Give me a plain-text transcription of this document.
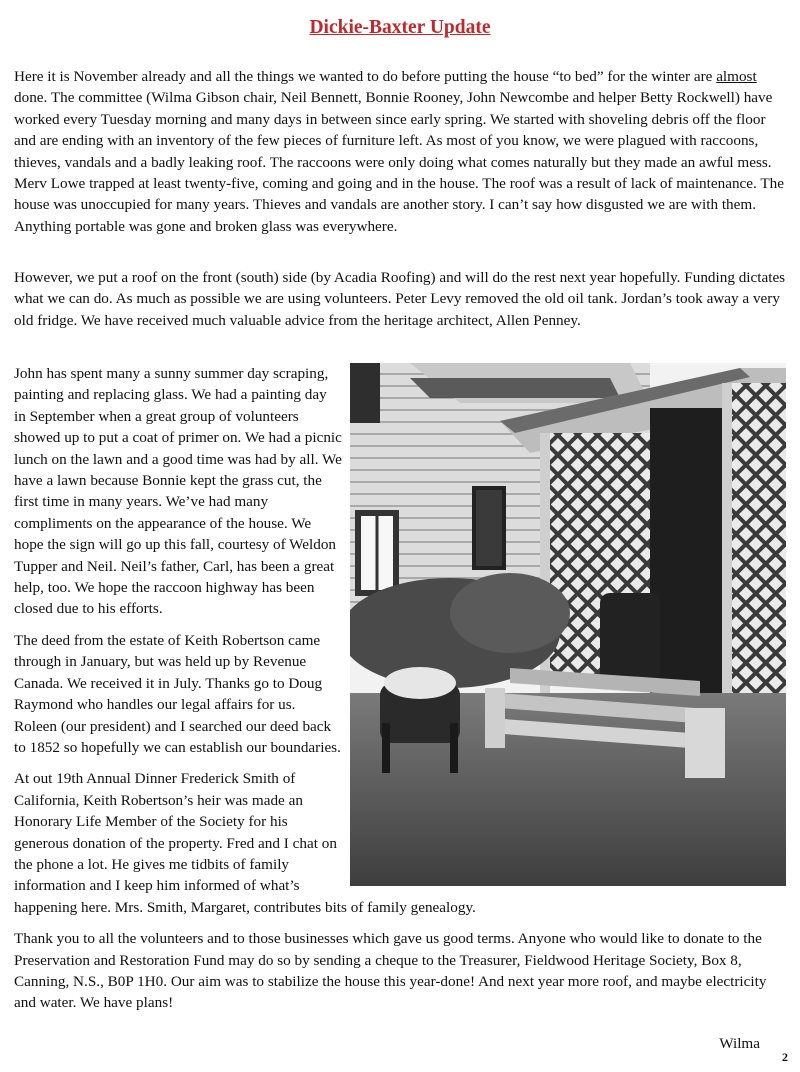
Dickie-Baxter Update

Here it is November already and all the things we wanted to do before putting the house “to bed” for the winter are almost done. The committee (Wilma Gibson chair, Neil Bennett, Bonnie Rooney, John Newcombe and helper Betty Rockwell) have worked every Tuesday morning and many days in between since early spring. We started with shoveling debris off the floor and are ending with an inventory of the few pieces of furniture left. As most of you know, we were plagued with raccoons, thieves, vandals and a badly leaking roof. The raccoons were only doing what comes naturally but they made an awful mess. Merv Lowe trapped at least twenty-five, coming and going and in the house. The roof was a result of lack of maintenance. The house was unoccupied for many years. Thieves and vandals are another story. I can’t say how disgusted we are with them. Anything portable was gone and broken glass was everywhere.

However, we put a roof on the front (south) side (by Acadia Roofing) and will do the rest next year hopefully. Funding dictates what we can do. As much as possible we are using volunteers. Peter Levy removed the old oil tank. Jordan’s took away a very old fridge. We have received much valuable advice from the heritage architect, Allen Penney.

John has spent many a sunny summer day scraping, painting and replacing glass. We had a painting day in September when a great group of volunteers showed up to put a coat of primer on. We had a picnic lunch on the lawn and a good time was had by all. We have a lawn because Bonnie kept the grass cut, the first time in many years. We’ve had many compliments on the appearance of the house. We hope the sign will go up this fall, courtesy of Weldon Tupper and Neil. Neil’s father, Carl, has been a great help, too. We hope the raccoon highway has been closed due to his efforts.

The deed from the estate of Keith Robertson came through in January, but was held up by Revenue Canada. We received it in July. Thanks go to Doug Raymond who handles our legal affairs for us. Roleen (our president) and I searched our deed back to 1852 so hopefully we can establish our boundaries.

At out 19th Annual Dinner Frederick Smith of California, Keith Robertson’s heir was made an Honorary Life Member of the Society for his generous donation of the property. Fred and I chat on the phone a lot. He gives me tidbits of family information and I keep him informed of what’s happening here. Mrs. Smith, Margaret, contributes bits of family genealogy.

Thank you to all the volunteers and to those businesses which gave us good terms. Anyone who would like to donate to the Preservation and Restoration Fund may do so by sending a cheque to the Treasurer, Fieldwood Heritage Society, Box 8, Canning, N.S., B0P 1H0. Our aim was to stabilize the house this year-done! And next year more roof, and maybe electricity and water. We have plans!

Wilma
2
